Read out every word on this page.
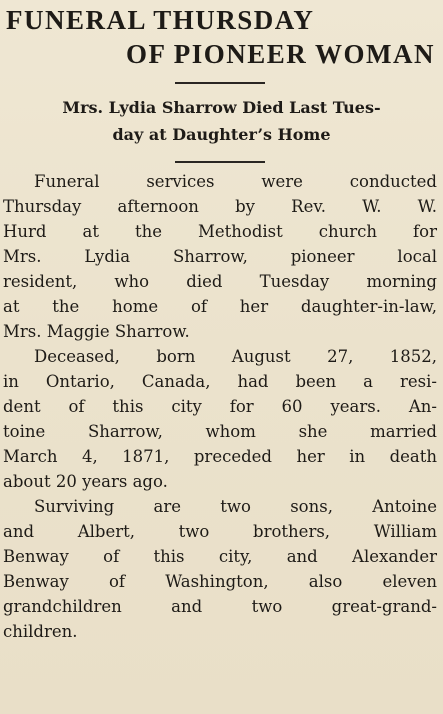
FUNERAL THURSDAY
OF PIONEER WOMAN
Mrs. Lydia Sharrow Died Last Tues-
day at Daughter’s Home
Funeral services were conducted
Thursday afternoon by Rev. W. W.
Hurd at the Methodist church for
Mrs. Lydia Sharrow, pioneer local
resident, who died Tuesday morning
at the home of her daughter-in-law,
Mrs. Maggie Sharrow.
Deceased, born August 27, 1852,
in Ontario, Canada, had been a resi-
dent of this city for 60 years. An-
toine Sharrow, whom she married
March 4, 1871, preceded her in death
about 20 years ago.
Surviving are two sons, Antoine
and Albert, two brothers, William
Benway of this city, and Alexander
Benway of Washington, also eleven
grandchildren and two great-grand-
children.
